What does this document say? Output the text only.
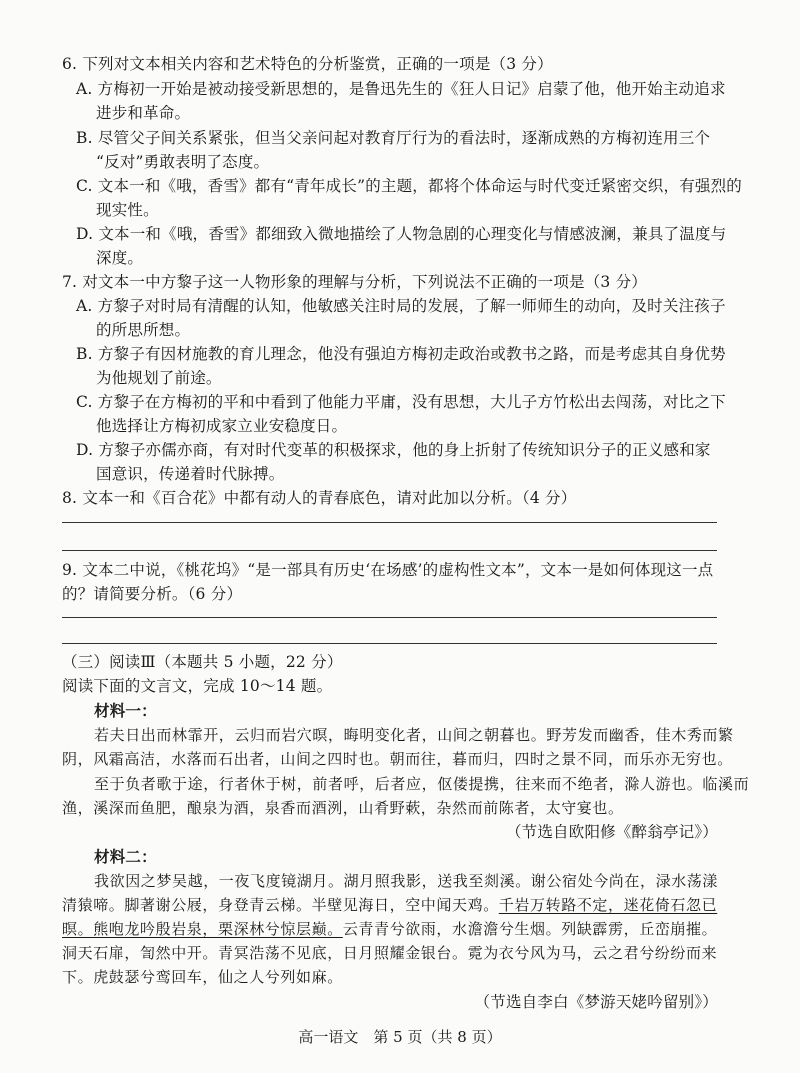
6. 下列对文本相关内容和艺术特色的分析鉴赏，正确的一项是（3 分）
A. 方梅初一开始是被动接受新思想的，是鲁迅先生的《狂人日记》启蒙了他，他开始主动追求
进步和革命。
B. 尽管父子间关系紧张，但当父亲问起对教育厅行为的看法时，逐渐成熟的方梅初连用三个
“反对”勇敢表明了态度。
C. 文本一和《哦，香雪》都有“青年成长”的主题，都将个体命运与时代变迁紧密交织，有强烈的
现实性。
D. 文本一和《哦，香雪》都细致入微地描绘了人物急剧的心理变化与情感波澜，兼具了温度与
深度。
7. 对文本一中方黎子这一人物形象的理解与分析，下列说法不正确的一项是（3 分）
A. 方黎子对时局有清醒的认知，他敏感关注时局的发展，了解一师师生的动向，及时关注孩子
的所思所想。
B. 方黎子有因材施教的育儿理念，他没有强迫方梅初走政治或教书之路，而是考虑其自身优势
为他规划了前途。
C. 方黎子在方梅初的平和中看到了他能力平庸，没有思想，大儿子方竹松出去闯荡，对比之下
他选择让方梅初成家立业安稳度日。
D. 方黎子亦儒亦商，有对时代变革的积极探求，他的身上折射了传统知识分子的正义感和家
国意识，传递着时代脉搏。
8. 文本一和《百合花》中都有动人的青春底色，请对此加以分析。（4 分）
9. 文本二中说，《桃花坞》“是一部具有历史‘在场感’的虚构性文本”，文本一是如何体现这一点
的？请简要分析。（6 分）
（三）阅读Ⅲ（本题共 5 小题，22 分）
阅读下面的文言文，完成 10～14 题。
材料一：
若夫日出而林霏开，云归而岩穴暝，晦明变化者，山间之朝暮也。野芳发而幽香，佳木秀而繁
阴，风霜高洁，水落而石出者，山间之四时也。朝而往，暮而归，四时之景不同，而乐亦无穷也。
至于负者歌于途，行者休于树，前者呼，后者应，伛偻提携，往来而不绝者，滁人游也。临溪而
渔，溪深而鱼肥，酿泉为酒，泉香而酒洌，山肴野蔌，杂然而前陈者，太守宴也。
（节选自欧阳修《醉翁亭记》）
材料二：
我欲因之梦吴越，一夜飞度镜湖月。湖月照我影，送我至剡溪。谢公宿处今尚在，渌水荡漾
清猿啼。脚著谢公屐，身登青云梯。半壁见海日，空中闻天鸡。千岩万转路不定，迷花倚石忽已
暝。熊咆龙吟殷岩泉，栗深林兮惊层巅。云青青兮欲雨，水澹澹兮生烟。列缺霹雳，丘峦崩摧。
洞天石扉，訇然中开。青冥浩荡不见底，日月照耀金银台。霓为衣兮风为马，云之君兮纷纷而来
下。虎鼓瑟兮鸾回车，仙之人兮列如麻。
（节选自李白《梦游天姥吟留别》）
高一语文　第 5 页（共 8 页）
